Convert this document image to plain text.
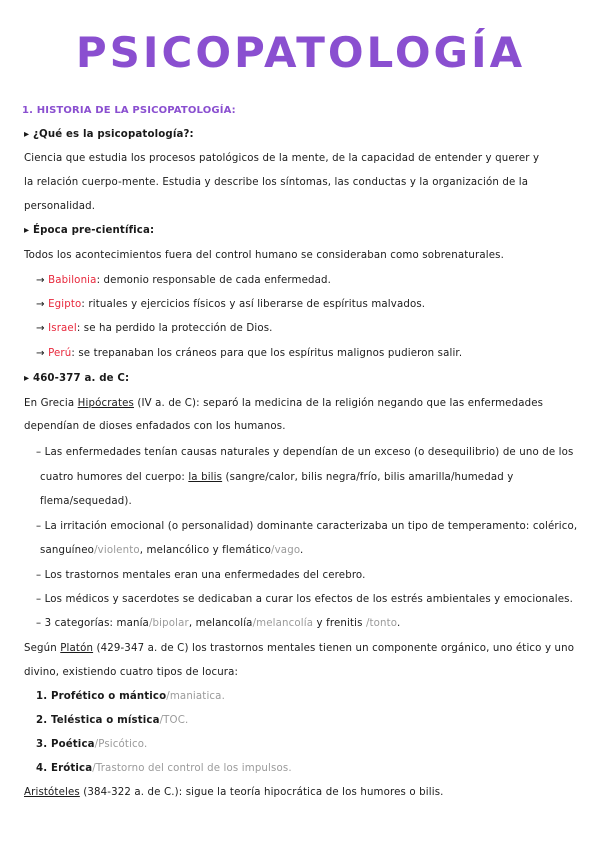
PSICOPATOLOGÍA
1. HISTORIA DE LA PSICOPATOLOGÍA:
▸ ¿Qué es la psicopatología?:
Ciencia que estudia los procesos patológicos de la mente, de la capacidad de entender y querer y
la relación cuerpo-mente. Estudia y describe los síntomas, las conductas y la organización de la
personalidad.
▸ Época pre-científica:
Todos los acontecimientos fuera del control humano se consideraban como sobrenaturales.
→ Babilonia: demonio responsable de cada enfermedad.
→ Egipto: rituales y ejercicios físicos y así liberarse de espíritus malvados.
→ Israel: se ha perdido la protección de Dios.
→ Perú: se trepanaban los cráneos para que los espíritus malignos pudieron salir.
▸ 460-377 a. de C:
En Grecia Hipócrates (IV a. de C): separó la medicina de la religión negando que las enfermedades
dependían de dioses enfadados con los humanos.
– Las enfermedades tenían causas naturales y dependían de un exceso (o desequilibrio) de uno de los
cuatro humores del cuerpo: la bilis (sangre/calor, bilis negra/frío, bilis amarilla/humedad y
flema/sequedad).
– La irritación emocional (o personalidad) dominante caracterizaba un tipo de temperamento: colérico,
sanguíneo/violento, melancólico y flemático/vago.
– Los trastornos mentales eran una enfermedades del cerebro.
– Los médicos y sacerdotes se dedicaban a curar los efectos de los estrés ambientales y emocionales.
– 3 categorías: manía/bipolar, melancolía/melancolía y frenitis /tonto.
Según Platón (429-347 a. de C) los trastornos mentales tienen un componente orgánico, uno ético y uno
divino, existiendo cuatro tipos de locura:
1. Profético o mántico/maniatica.
2. Telésticа o mística/TOC.
3. Poética/Psicótico.
4. Erótica/Trastorno del control de los impulsos.
Aristóteles (384-322 a. de C.): sigue la teoría hipocrática de los humores o bilis.
